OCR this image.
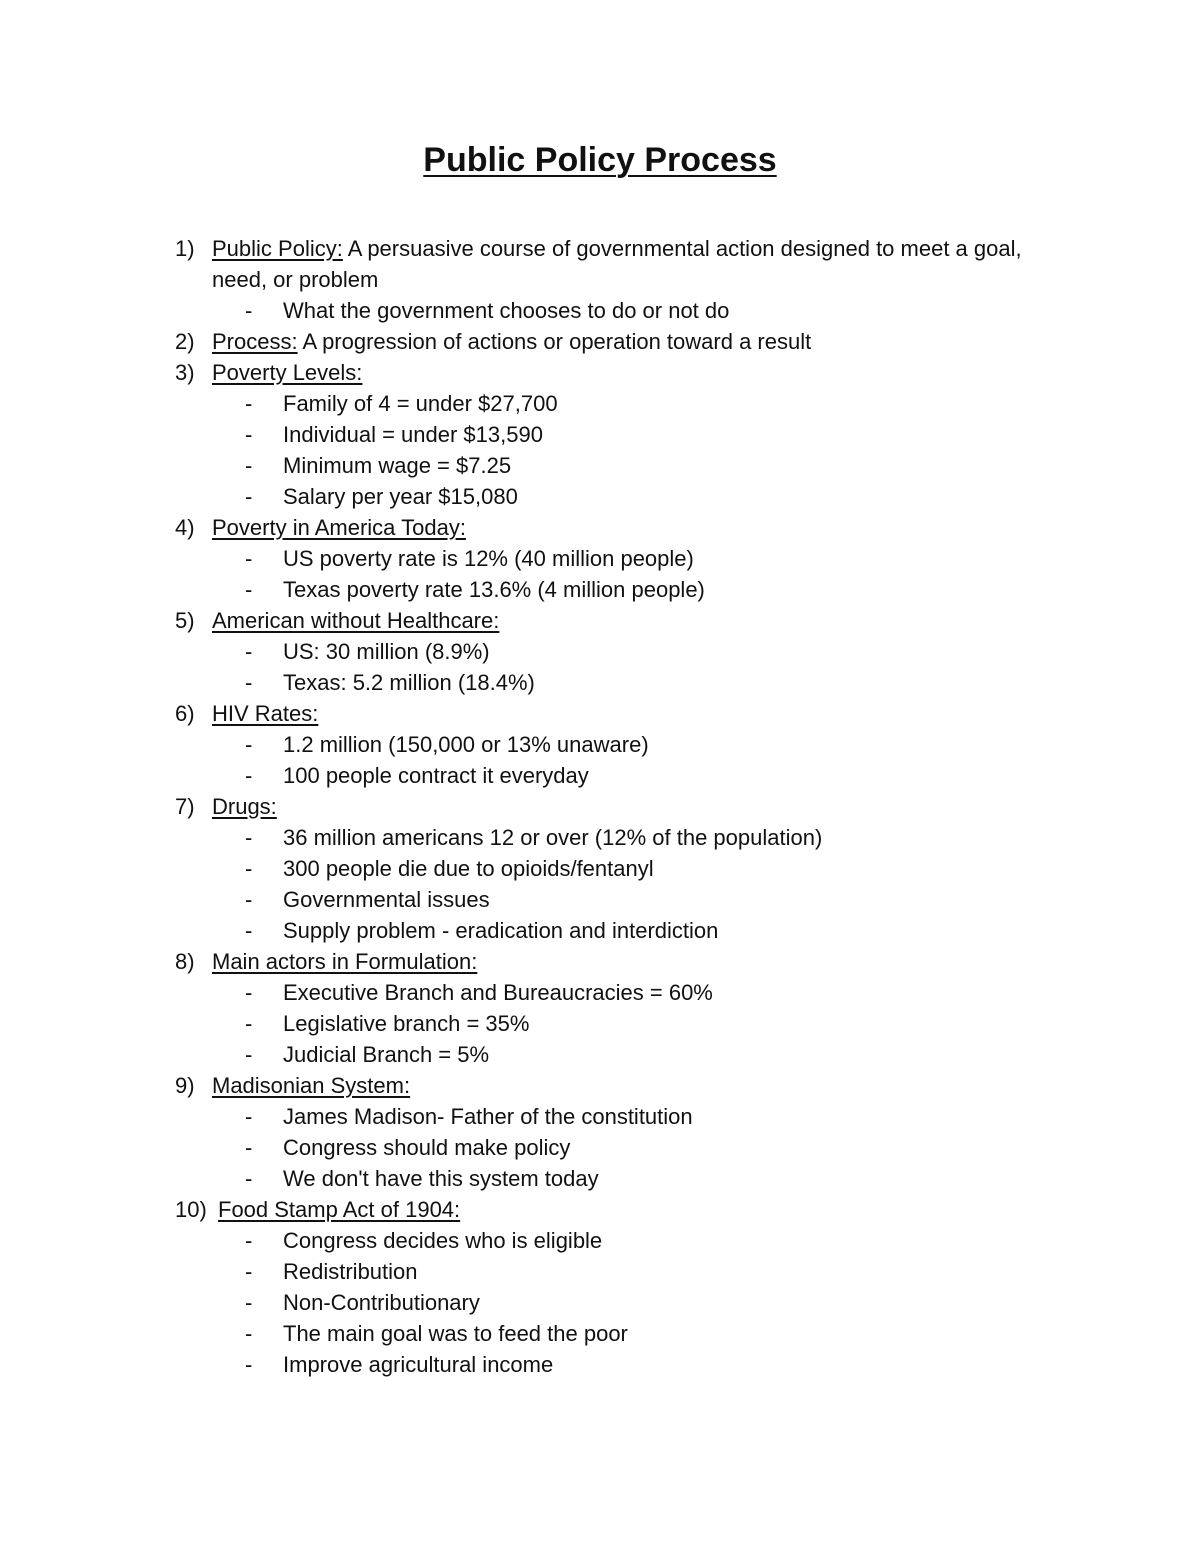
Public Policy Process
1) Public Policy: A persuasive course of governmental action designed to meet a goal, need, or problem
- What the government chooses to do or not do
2) Process: A progression of actions or operation toward a result
3) Poverty Levels:
- Family of 4 = under $27,700
- Individual = under $13,590
- Minimum wage = $7.25
- Salary per year $15,080
4) Poverty in America Today:
- US poverty rate is 12% (40 million people)
- Texas poverty rate 13.6% (4 million people)
5) American without Healthcare:
- US: 30 million (8.9%)
- Texas: 5.2 million (18.4%)
6) HIV Rates:
- 1.2 million (150,000 or 13% unaware)
- 100 people contract it everyday
7) Drugs:
- 36 million americans 12 or over (12% of the population)
- 300 people die due to opioids/fentanyl
- Governmental issues
- Supply problem - eradication and interdiction
8) Main actors in Formulation:
- Executive Branch and Bureaucracies = 60%
- Legislative branch = 35%
- Judicial Branch = 5%
9) Madisonian System:
- James Madison- Father of the constitution
- Congress should make policy
- We don't have this system today
10) Food Stamp Act of 1904:
- Congress decides who is eligible
- Redistribution
- Non-Contributionary
- The main goal was to feed the poor
- Improve agricultural income
